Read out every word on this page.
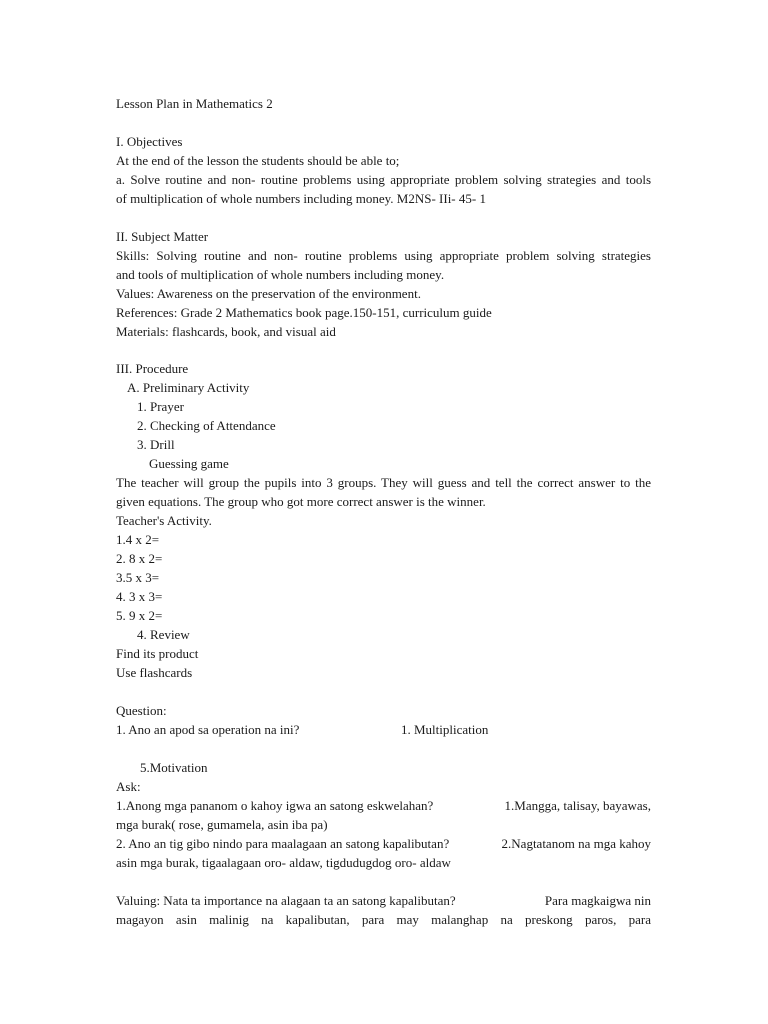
Lesson Plan in Mathematics 2
I. Objectives
At the end of the lesson the students should be able to;
a. Solve routine and non- routine problems using appropriate problem solving strategies and tools
of multiplication of whole numbers including money. M2NS- IIi- 45- 1
II. Subject Matter
Skills: Solving routine and non- routine problems using appropriate problem solving strategies
and tools of multiplication of whole numbers including money.
Values: Awareness on the preservation of the environment.
References: Grade 2 Mathematics book page.150-151, curriculum guide
Materials: flashcards, book, and visual aid
III. Procedure
A. Preliminary Activity
1. Prayer
2. Checking of Attendance
3. Drill
Guessing game
The teacher will group the pupils into 3 groups. They will guess and tell the correct answer to the
given equations. The group who got more correct answer is the winner.
Teacher's Activity.
1.4 x 2=
2. 8 x 2=
3.5 x 3=
4. 3 x 3=
5. 9 x 2=
4. Review
Find its product
Use flashcards
Question:
1. Ano an apod sa operation na ini?	1. Multiplication
5.Motivation
Ask:
1.Anong mga pananom o kahoy igwa an satong eskwelahan?	1.Mangga, talisay, bayawas,
mga burak( rose, gumamela, asin iba pa)
2. Ano an tig gibo nindo para maalagaan an satong kapalibutan?	2.Nagtatanom na mga kahoy
asin mga burak, tigaalagaan oro- aldaw, tigdudugdog oro- aldaw
Valuing: Nata ta importance na alagaan ta an satong kapalibutan?	Para magkaigwa nin
magayon asin malinig na kapalibutan, para may malanghap na preskong paros, para
